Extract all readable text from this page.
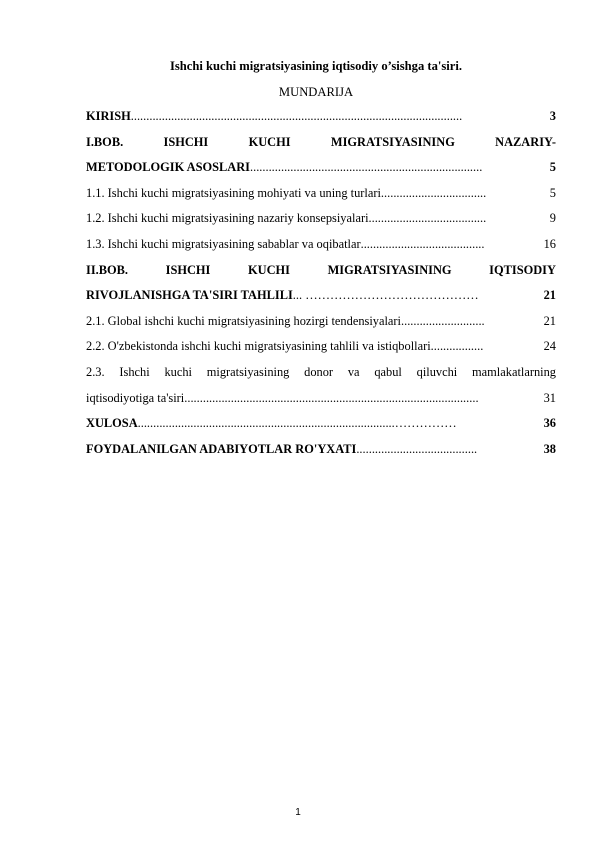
Ishchi kuchi migratsiyasining iqtisodiy o’sishga ta'siri.
MUNDARIJA
KIRISH ...........................................................................................................	3
I.BOB.	ISHCHI	KUCHI	MIGRATSIYASINING	NAZARIY-
METODOLOGIK ASOSLARI ...........................................................................	5
1.1. Ishchi kuchi migratsiyasining mohiyati va uning turlari ..................................	5
1.2. Ishchi kuchi migratsiyasining nazariy konsepsiyalari ......................................	9
1.3. Ishchi kuchi migratsiyasining sabablar va oqibatlar ........................................	16
II.BOB.	ISHCHI	KUCHI	MIGRATSIYASINING	IQTISODIY
RIVOJLANISHGA TA'SIRI TAHLILI ... ……………………………………	21
2.1. Global ishchi kuchi migratsiyasining hozirgi tendensiyalari ...........................	21
2.2. O'zbekistonda ishchi kuchi migratsiyasining tahlili va istiqbollari .................	24
2.3. Ishchi kuchi migratsiyasining donor va qabul qiluvchi mamlakatlarning
iqtisodiyotiga ta'siri ...............................................................................................	31
XULOSA ...................................................................................……………	36
FOYDALANILGAN ADABIYOTLAR RO'YXATI .......................................	38
1
